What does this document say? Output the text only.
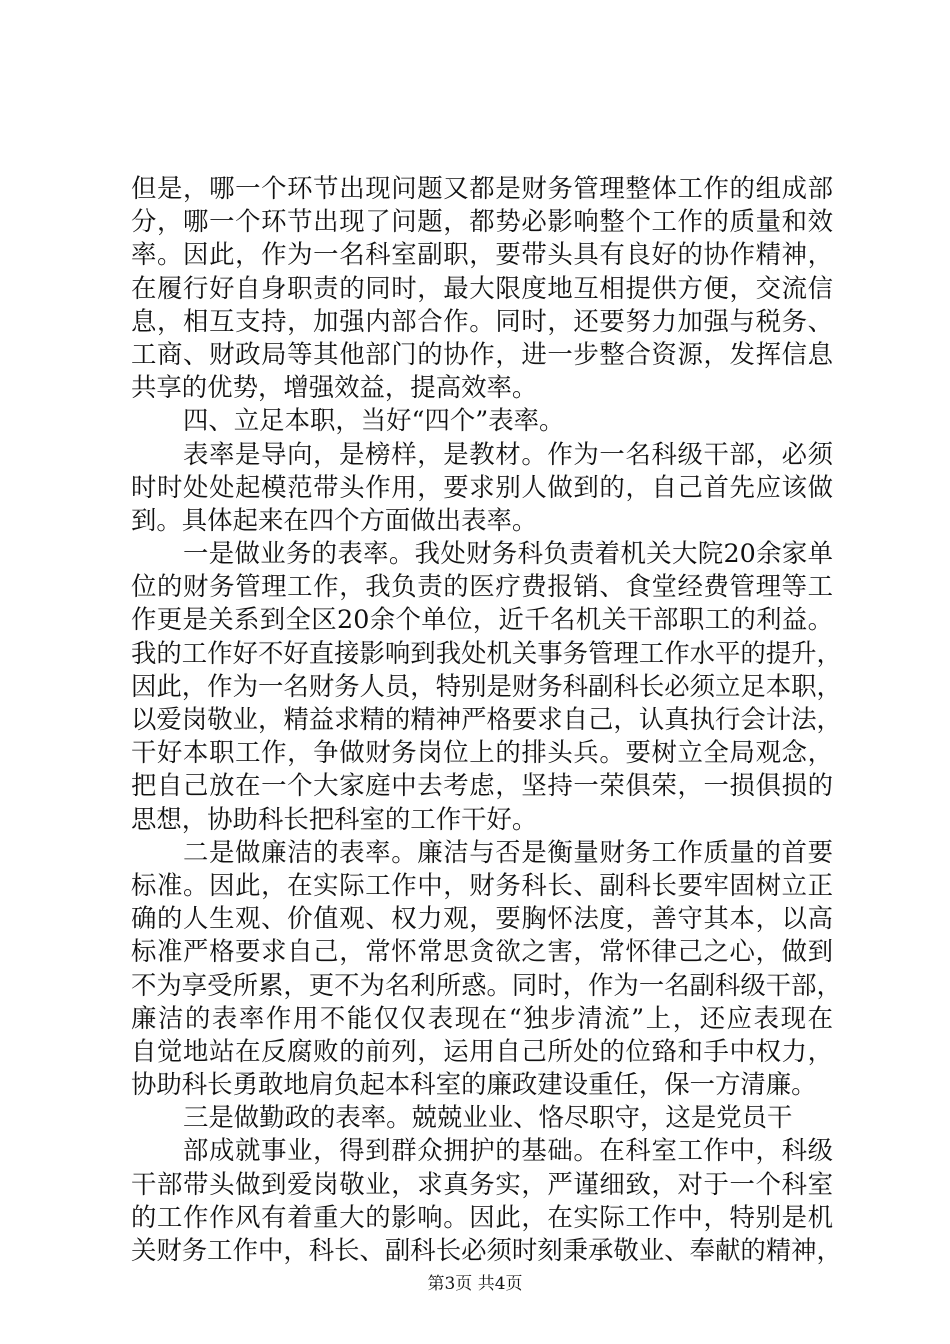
但是，哪一个环节出现问题又都是财务管理整体工作的组成部
分，哪一个环节出现了问题，都势必影响整个工作的质量和效
率。因此，作为一名科室副职，要带头具有良好的协作精神，
在履行好自身职责的同时，最大限度地互相提供方便，交流信
息，相互支持，加强内部合作。同时，还要努力加强与税务、
工商、财政局等其他部门的协作，进一步整合资源，发挥信息
共享的优势，增强效益，提高效率。
四、立足本职，当好“四个”表率。
表率是导向，是榜样，是教材。作为一名科级干部，必须
时时处处起模范带头作用，要求别人做到的，自己首先应该做
到。具体起来在四个方面做出表率。
一是做业务的表率。我处财务科负责着机关大院20余家单
位的财务管理工作，我负责的医疗费报销、食堂经费管理等工
作更是关系到全区20余个单位，近千名机关干部职工的利益。
我的工作好不好直接影响到我处机关事务管理工作水平的提升，
因此，作为一名财务人员，特别是财务科副科长必须立足本职，
以爱岗敬业，精益求精的精神严格要求自己，认真执行会计法，
干好本职工作，争做财务岗位上的排头兵。要树立全局观念，
把自己放在一个大家庭中去考虑，坚持一荣俱荣，一损俱损的
思想，协助科长把科室的工作干好。
二是做廉洁的表率。廉洁与否是衡量财务工作质量的首要
标准。因此，在实际工作中，财务科长、副科长要牢固树立正
确的人生观、价值观、权力观，要胸怀法度，善守其本，以高
标准严格要求自己，常怀常思贪欲之害，常怀律己之心，做到
不为享受所累，更不为名利所惑。同时，作为一名副科级干部，
廉洁的表率作用不能仅仅表现在“独步清流”上，还应表现在
自觉地站在反腐败的前列，运用自己所处的位臵和手中权力，
协助科长勇敢地肩负起本科室的廉政建设重任，保一方清廉。
三是做勤政的表率。兢兢业业、恪尽职守，这是党员干
部成就事业，得到群众拥护的基础。在科室工作中，科级
干部带头做到爱岗敬业，求真务实，严谨细致，对于一个科室
的工作作风有着重大的影响。因此，在实际工作中，特别是机
关财务工作中，科长、副科长必须时刻秉承敬业、奉献的精神，
第3页 共4页
